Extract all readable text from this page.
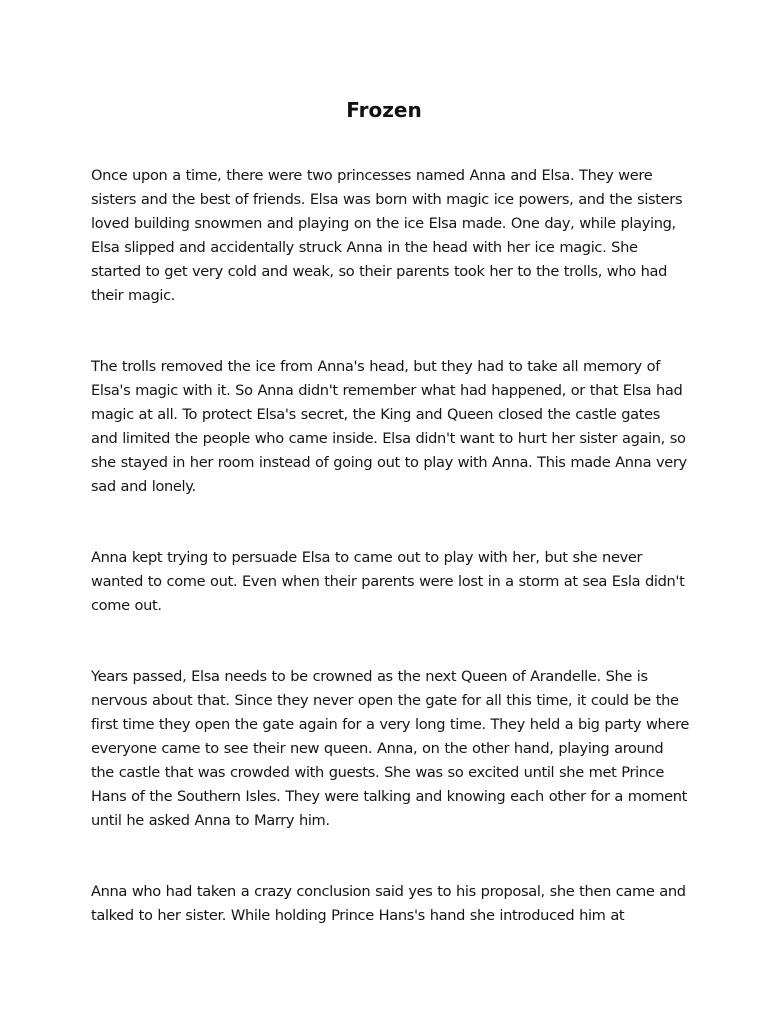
Frozen

Once upon a time, there were two princesses named Anna and Elsa. They were sisters and the best of friends. Elsa was born with magic ice powers, and the sisters loved building snowmen and playing on the ice Elsa made. One day, while playing, Elsa slipped and accidentally struck Anna in the head with her ice magic. She started to get very cold and weak, so their parents took her to the trolls, who had their magic.

The trolls removed the ice from Anna's head, but they had to take all memory of Elsa's magic with it. So Anna didn't remember what had happened, or that Elsa had magic at all. To protect Elsa's secret, the King and Queen closed the castle gates and limited the people who came inside. Elsa didn't want to hurt her sister again, so she stayed in her room instead of going out to play with Anna. This made Anna very sad and lonely.

Anna kept trying to persuade Elsa to came out to play with her, but she never wanted to come out. Even when their parents were lost in a storm at sea Esla didn't come out.

Years passed, Elsa needs to be crowned as the next Queen of Arandelle. She is nervous about that. Since they never open the gate for all this time, it could be the first time they open the gate again for a very long time. They held a big party where everyone came to see their new queen. Anna, on the other hand, playing around the castle that was crowded with guests. She was so excited until she met Prince Hans of the Southern Isles. They were talking and knowing each other for a moment until he asked Anna to Marry him.

Anna who had taken a crazy conclusion said yes to his proposal, she then came and talked to her sister. While holding Prince Hans's hand she introduced him at
